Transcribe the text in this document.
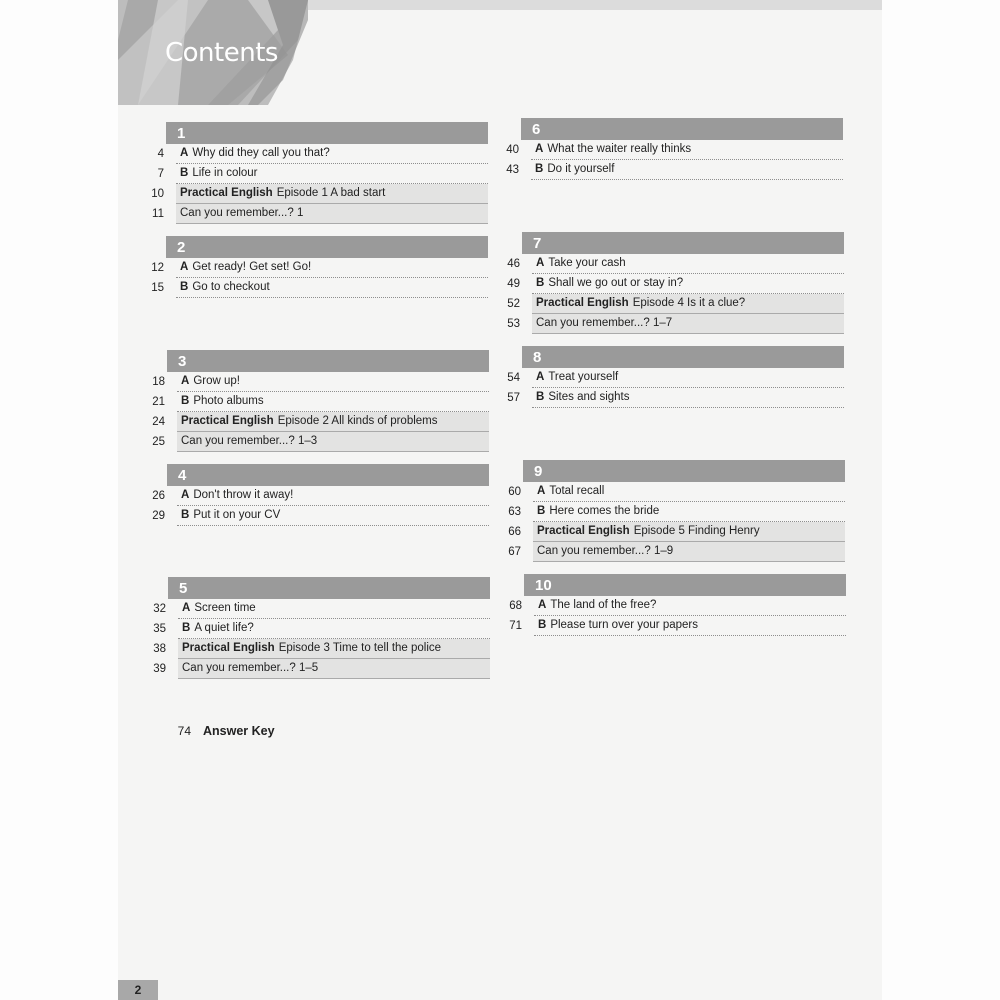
Contents
1
4	A Why did they call you that?
7	B Life in colour
10	Practical English Episode 1 A bad start
11	Can you remember...? 1
2
12	A Get ready! Get set! Go!
15	B Go to checkout
3
18	A Grow up!
21	B Photo albums
24	Practical English Episode 2 All kinds of problems
25	Can you remember...? 1–3
4
26	A Don't throw it away!
29	B Put it on your CV
5
32	A Screen time
35	B A quiet life?
38	Practical English Episode 3 Time to tell the police
39	Can you remember...? 1–5
6
40	A What the waiter really thinks
43	B Do it yourself
7
46	A Take your cash
49	B Shall we go out or stay in?
52	Practical English Episode 4 Is it a clue?
53	Can you remember...? 1–7
8
54	A Treat yourself
57	B Sites and sights
9
60	A Total recall
63	B Here comes the bride
66	Practical English Episode 5 Finding Henry
67	Can you remember...? 1–9
10
68	A The land of the free?
71	B Please turn over your papers
74 Answer Key
2
